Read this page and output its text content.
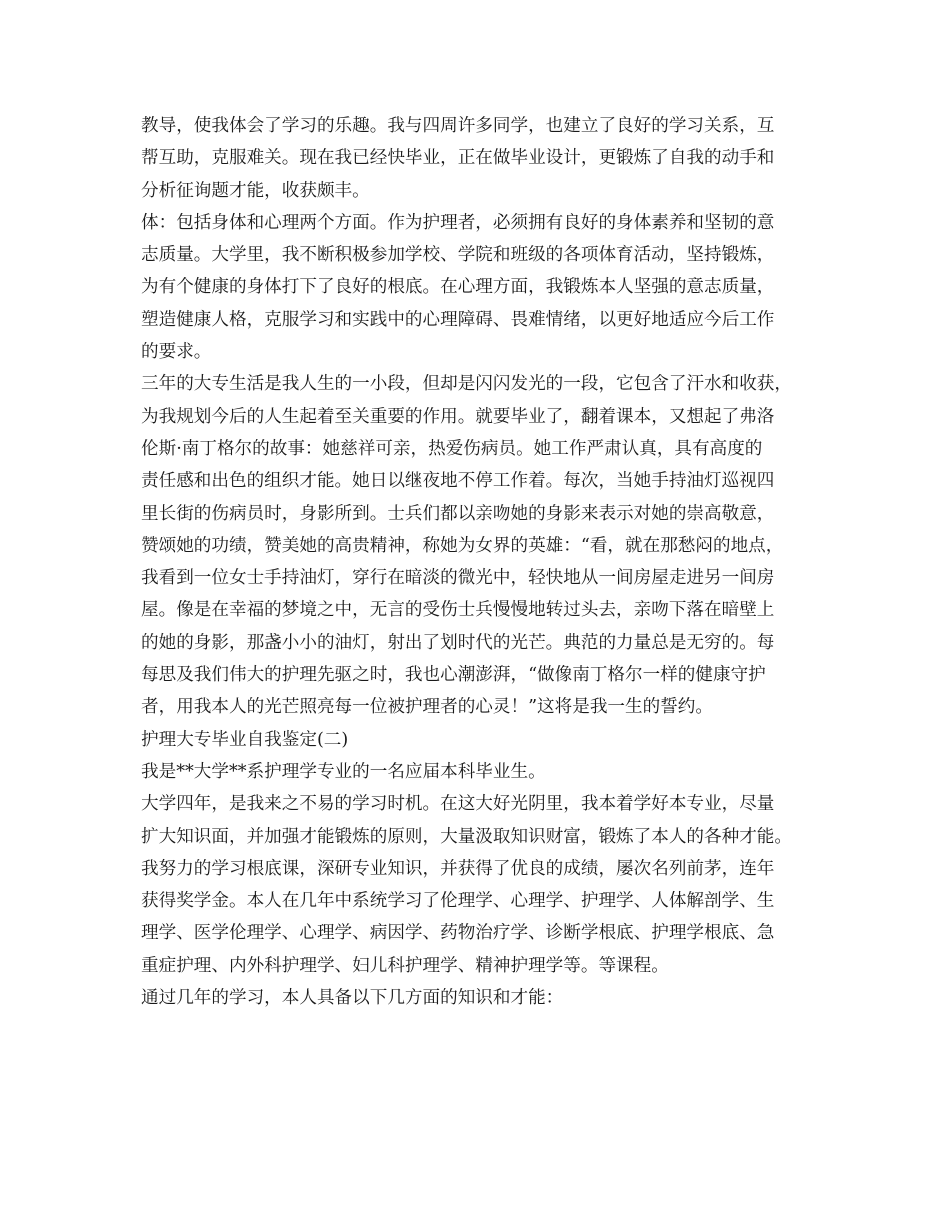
教导，使我体会了学习的乐趣。我与四周许多同学，也建立了良好的学习关系，互
帮互助，克服难关。现在我已经快毕业，正在做毕业设计，更锻炼了自我的动手和
分析征询题才能，收获颇丰。
体：包括身体和心理两个方面。作为护理者，必须拥有良好的身体素养和坚韧的意
志质量。大学里，我不断积极参加学校、学院和班级的各项体育活动，坚持锻炼，
为有个健康的身体打下了良好的根底。在心理方面，我锻炼本人坚强的意志质量，
塑造健康人格，克服学习和实践中的心理障碍、畏难情绪，以更好地适应今后工作
的要求。
三年的大专生活是我人生的一小段，但却是闪闪发光的一段，它包含了汗水和收获，
为我规划今后的人生起着至关重要的作用。就要毕业了，翻着课本，又想起了弗洛
伦斯·南丁格尔的故事：她慈祥可亲，热爱伤病员。她工作严肃认真，具有高度的
责任感和出色的组织才能。她日以继夜地不停工作着。每次，当她手持油灯巡视四
里长街的伤病员时，身影所到。士兵们都以亲吻她的身影来表示对她的崇高敬意，
赞颂她的功绩，赞美她的高贵精神，称她为女界的英雄：“看，就在那愁闷的地点，
我看到一位女士手持油灯，穿行在暗淡的微光中，轻快地从一间房屋走进另一间房
屋。像是在幸福的梦境之中，无言的受伤士兵慢慢地转过头去，亲吻下落在暗壁上
的她的身影，那盏小小的油灯，射出了划时代的光芒。典范的力量总是无穷的。每
每思及我们伟大的护理先驱之时，我也心潮澎湃，“做像南丁格尔一样的健康守护
者，用我本人的光芒照亮每一位被护理者的心灵！”这将是我一生的誓约。
护理大专毕业自我鉴定(二)
我是**大学**系护理学专业的一名应届本科毕业生。
大学四年，是我来之不易的学习时机。在这大好光阴里，我本着学好本专业，尽量
扩大知识面，并加强才能锻炼的原则，大量汲取知识财富，锻炼了本人的各种才能。
我努力的学习根底课，深研专业知识，并获得了优良的成绩，屡次名列前茅，连年
获得奖学金。本人在几年中系统学习了伦理学、心理学、护理学、人体解剖学、生
理学、医学伦理学、心理学、病因学、药物治疗学、诊断学根底、护理学根底、急
重症护理、内外科护理学、妇儿科护理学、精神护理学等。等课程。
通过几年的学习，本人具备以下几方面的知识和才能：
